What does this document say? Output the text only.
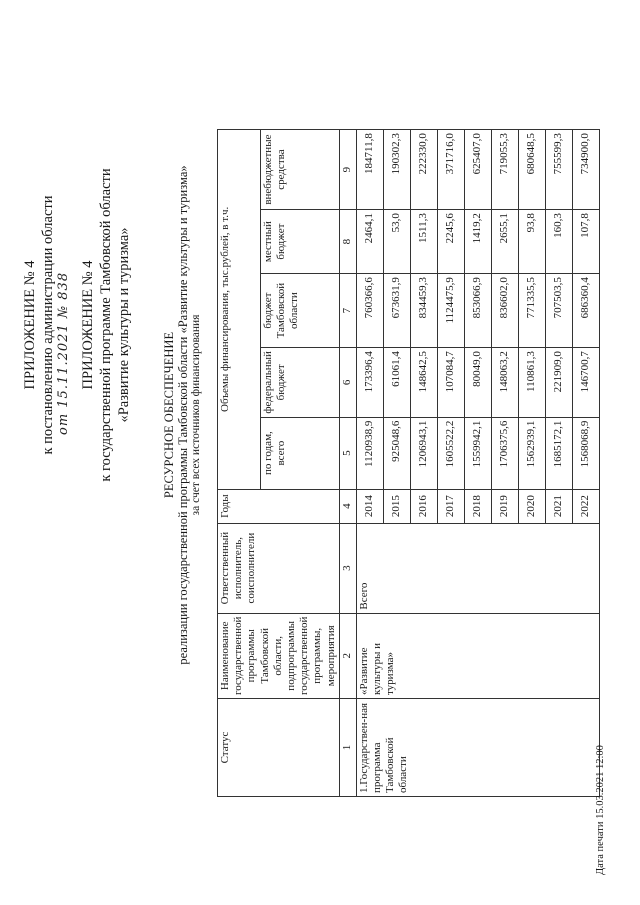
ПРИЛОЖЕНИЕ № 4 к постановлению администрации области от 15.11.2021 № 838 ПРИЛОЖЕНИЕ № 4 к государственной программе Тамбовской области «Развитие культуры и туризма» РЕСУРСНОЕ ОБЕСПЕЧЕНИЕ реализации государственной программы Тамбовской области «Развитие культуры и туризма» за счет всех источников финансирования
Статус	Наименование государственной программы Тамбовской области, подпрограммы государственной программы, мероприятия	Ответственный исполнитель, соисполнители	Годы	Объемы финансирования, тыс.рублей, в т.ч.				
				по годам, всего	федеральный бюджет	бюджет Тамбовской области	местный бюджет	внебюджетные средства
1	2	3	4	5	6	7	8	9
1.Государствен-ная программа Тамбовской области	«Развитие культуры и туризма»	Всего	2014	1120938,9	173396,4	760366,6	2464,1	184711,8
			2015	925048,6	61061,4	673631,9	53,0	190302,3
			2016	1206943,1	148642,5	834459,3	1511,3	222330,0
			2017	1605522,2	107084,7	1124475,9	2245,6	371716,0
			2018	1559942,1	80049,0	853066,9	1419,2	625407,0
			2019	1706375,6	148063,2	836602,0	2655,1	719055,3
			2020	1562939,1	110861,3	771335,5	93,8	680648,5
			2021	1685172,1	221909,0	707503,5	160,3	755599,3
			2022	1568068,9	146700,7	686360,4	107,8	734900,0
Дата печати 15.03.2021 12:00
